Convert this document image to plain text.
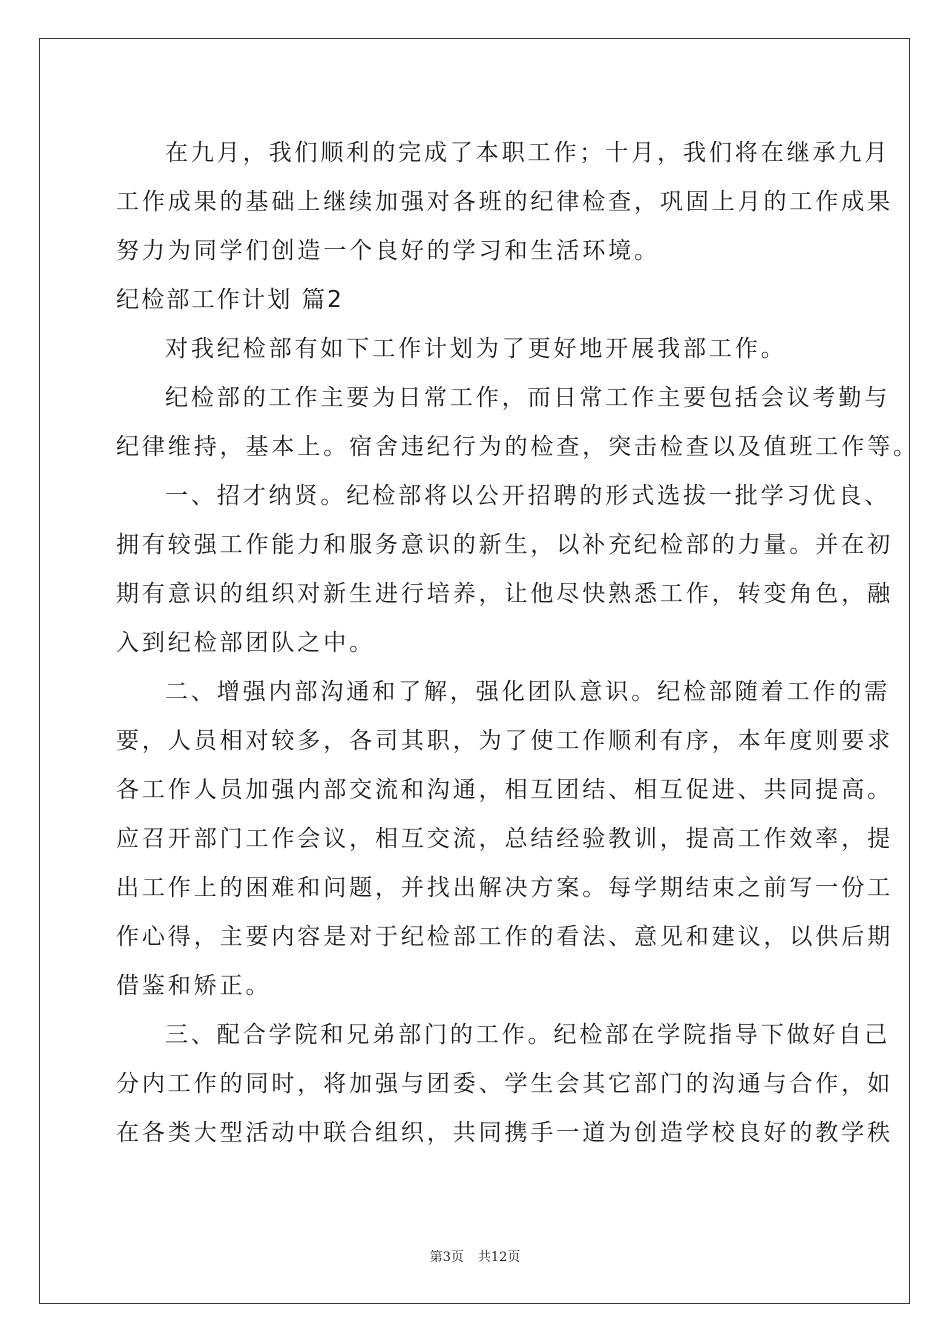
在九月，我们顺利的完成了本职工作；十月，我们将在继承九月
工作成果的基础上继续加强对各班的纪律检查，巩固上月的工作成果
努力为同学们创造一个良好的学习和生活环境。
纪检部工作计划 篇2
对我纪检部有如下工作计划为了更好地开展我部工作。
纪检部的工作主要为日常工作，而日常工作主要包括会议考勤与
纪律维持，基本上。宿舍违纪行为的检查，突击检查以及值班工作等。
一、招才纳贤。纪检部将以公开招聘的形式选拔一批学习优良、
拥有较强工作能力和服务意识的新生，以补充纪检部的力量。并在初
期有意识的组织对新生进行培养，让他尽快熟悉工作，转变角色，融
入到纪检部团队之中。
二、增强内部沟通和了解，强化团队意识。纪检部随着工作的需
要，人员相对较多，各司其职，为了使工作顺利有序，本年度则要求
各工作人员加强内部交流和沟通，相互团结、相互促进、共同提高。
应召开部门工作会议，相互交流，总结经验教训，提高工作效率，提
出工作上的困难和问题，并找出解决方案。每学期结束之前写一份工
作心得，主要内容是对于纪检部工作的看法、意见和建议，以供后期
借鉴和矫正。
三、配合学院和兄弟部门的工作。纪检部在学院指导下做好自己
分内工作的同时，将加强与团委、学生会其它部门的沟通与合作，如
在各类大型活动中联合组织，共同携手一道为创造学校良好的教学秩
第3页 共12页
